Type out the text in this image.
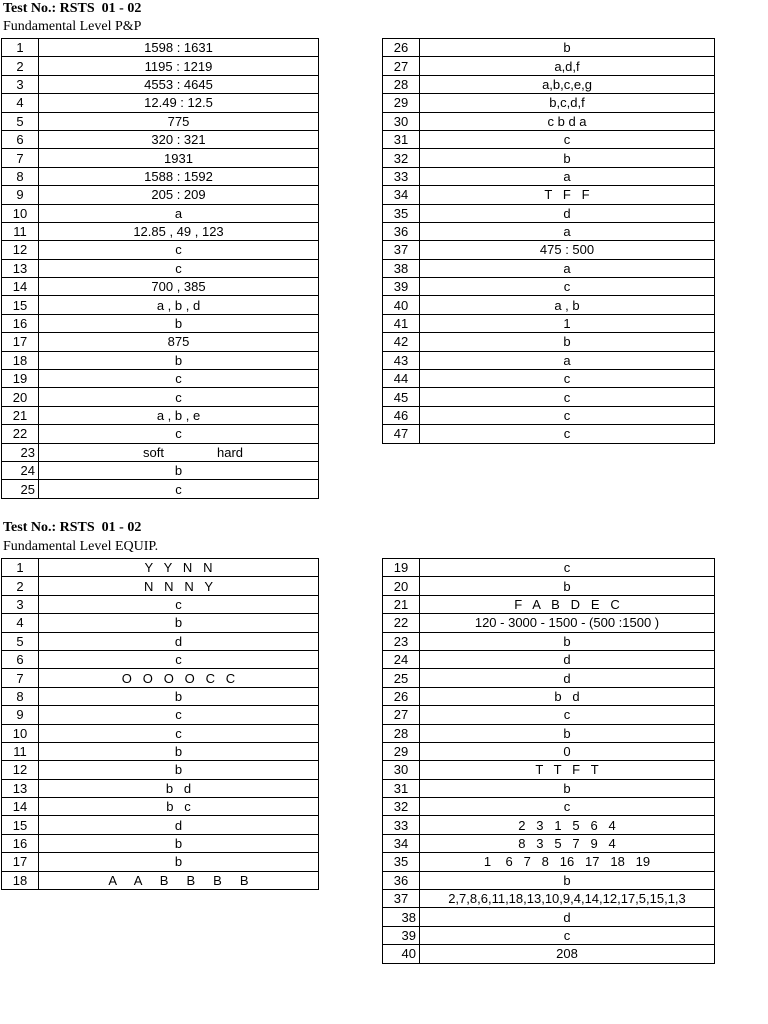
Test No.: RSTS  01 - 02
Fundamental Level P&P
1	1598 : 1631
2	1195 : 1219
3	4553 : 4645
4	12.49 : 12.5
5	775
6	320 : 321
7	1931
8	1588 : 1592
9	205 : 209
10	a
11	12.85 , 49 , 123
12	c
13	c
14	700 , 385
15	a , b , d
16	b
17	875
18	b
19	c
20	c
21	a , b , e
22	c
23	soft hard

24	b
25	c
26	b
27	a,d,f
28	a,b,c,e,g
29	b,c,d,f
30	c b d a
31	c
32	b
33	a
34	T   F   F
35	d
36	a
37	475 : 500
38	a
39	c
40	a , b
41	1
42	b
43	a
44	c
45	c
46	c
47	c
Test No.: RSTS  01 - 02
Fundamental Level EQUIP.
1	Y   Y   N   N
2	N   N   N   Y
3	c
4	b
5	d
6	c
7	O   O   O   O   C   C
8	b
9	c
10	c
11	b
12	b
13	b   d
14	b   c
15	d
16	b
17	b
18	A     A     B     B     B     B
19	c
20	b
21	F   A   B   D   E   C
22	120 - 3000 - 1500 - (500 :1500 )
23	b
24	d
25	d
26	b   d
27	c
28	b
29	0
30	T   T   F   T
31	b
32	c
33	2   3   1   5   6   4
34	8   3   5   7   9   4
35	1    6   7   8   16   17   18   19
36	b
37	2,7,8,6,11,18,13,10,9,4,14,12,17,5,15,1,3
38	d
39	c
40	208
